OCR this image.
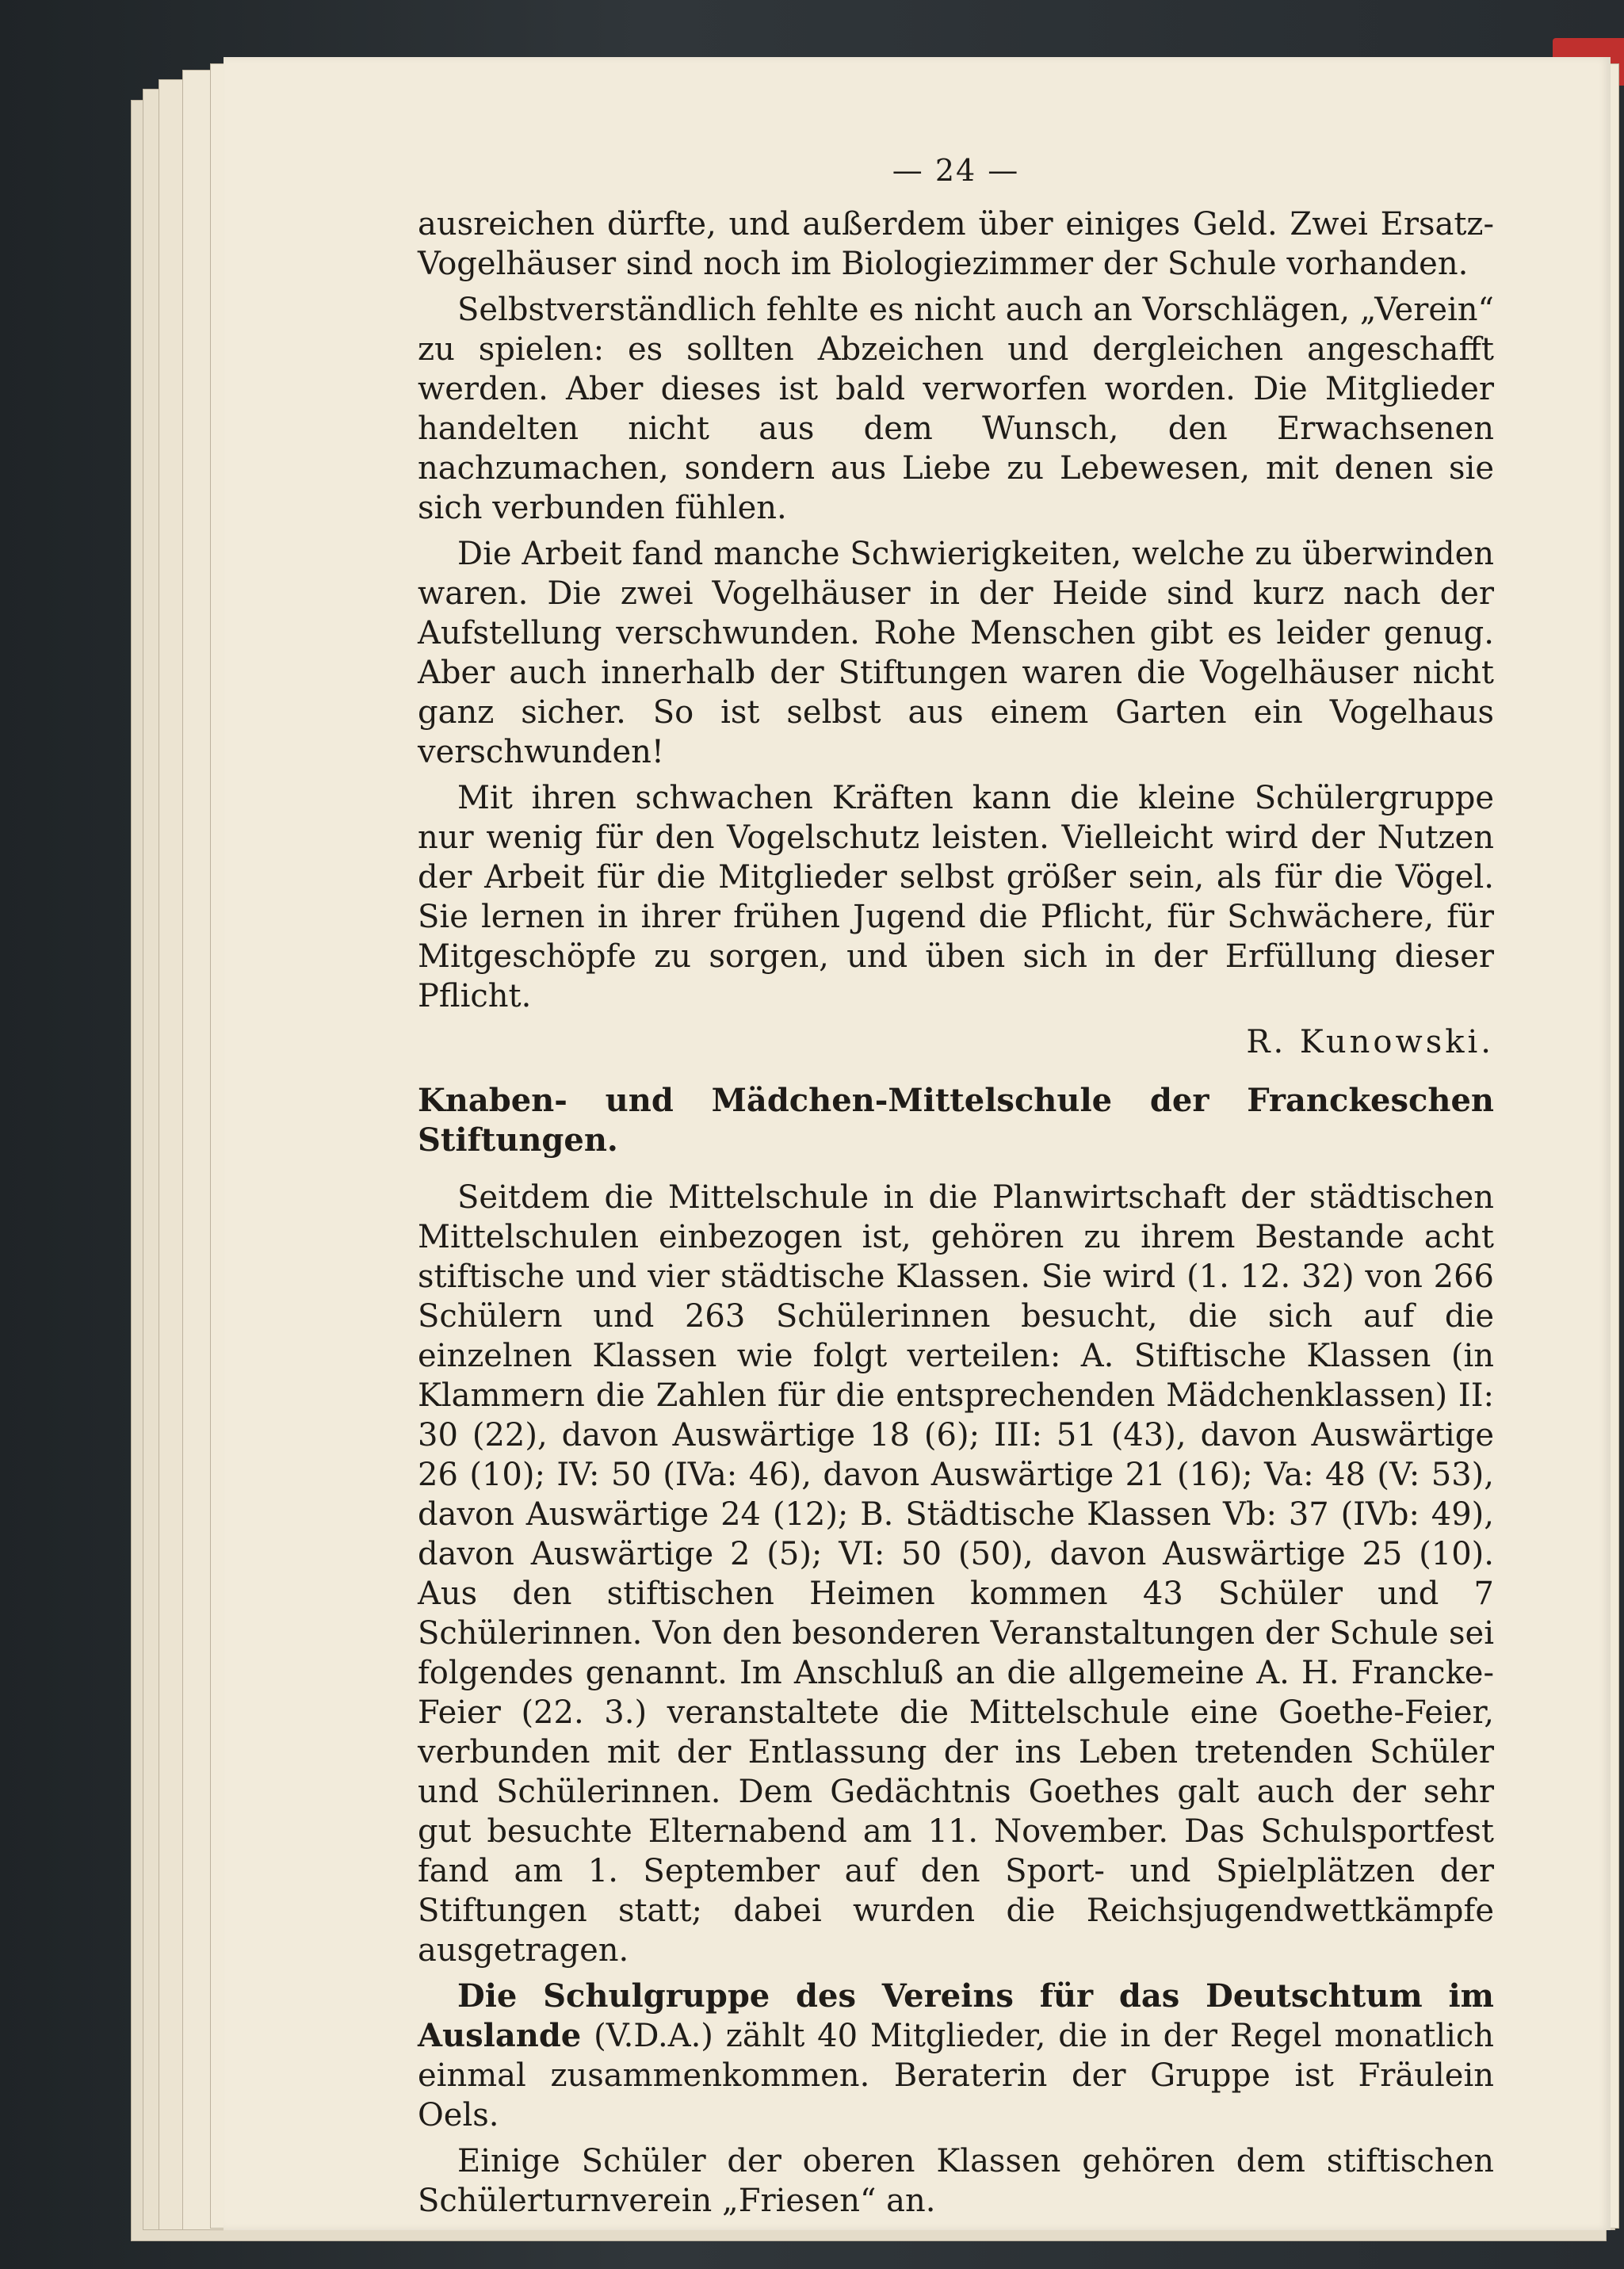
— 24 —

ausreichen dürfte, und außerdem über einiges Geld. Zwei Ersatz-Vogelhäuser sind noch im Biologiezimmer der Schule vorhanden.

Selbstverständlich fehlte es nicht auch an Vorschlägen, „Verein“ zu spielen: es sollten Abzeichen und dergleichen angeschafft werden. Aber dieses ist bald verworfen worden. Die Mitglieder handelten nicht aus dem Wunsch, den Erwachsenen nachzumachen, sondern aus Liebe zu Lebewesen, mit denen sie sich verbunden fühlen.

Die Arbeit fand manche Schwierigkeiten, welche zu überwinden waren. Die zwei Vogelhäuser in der Heide sind kurz nach der Aufstellung verschwunden. Rohe Menschen gibt es leider genug. Aber auch innerhalb der Stiftungen waren die Vogelhäuser nicht ganz sicher. So ist selbst aus einem Garten ein Vogelhaus verschwunden!

Mit ihren schwachen Kräften kann die kleine Schülergruppe nur wenig für den Vogelschutz leisten. Vielleicht wird der Nutzen der Arbeit für die Mitglieder selbst größer sein, als für die Vögel. Sie lernen in ihrer frühen Jugend die Pflicht, für Schwächere, für Mitgeschöpfe zu sorgen, und üben sich in der Erfüllung dieser Pflicht.

R. Kunowski.
Knaben- und Mädchen-Mittelschule der Franckeschen Stiftungen.

Seitdem die Mittelschule in die Planwirtschaft der städtischen Mittelschulen einbezogen ist, gehören zu ihrem Bestande acht stiftische und vier städtische Klassen. Sie wird (1. 12. 32) von 266 Schülern und 263 Schülerinnen besucht, die sich auf die einzelnen Klassen wie folgt verteilen: A. Stiftische Klassen (in Klammern die Zahlen für die entsprechenden Mädchenklassen) II: 30 (22), davon Auswärtige 18 (6); III: 51 (43), davon Auswärtige 26 (10); IV: 50 (IVa: 46), davon Auswärtige 21 (16); Va: 48 (V: 53), davon Auswärtige 24 (12); B. Städtische Klassen Vb: 37 (IVb: 49), davon Auswärtige 2 (5); VI: 50 (50), davon Auswärtige 25 (10). Aus den stiftischen Heimen kommen 43 Schüler und 7 Schülerinnen. Von den besonderen Veranstaltungen der Schule sei folgendes genannt. Im Anschluß an die allgemeine A. H. Francke-Feier (22. 3.) veranstaltete die Mittelschule eine Goethe-Feier, verbunden mit der Entlassung der ins Leben tretenden Schüler und Schülerinnen. Dem Gedächtnis Goethes galt auch der sehr gut besuchte Elternabend am 11. November. Das Schulsportfest fand am 1. September auf den Sport- und Spielplätzen der Stiftungen statt; dabei wurden die Reichsjugendwettkämpfe ausgetragen.

Die Schulgruppe des Vereins für das Deutschtum im Auslande (V.D.A.) zählt 40 Mitglieder, die in der Regel monatlich einmal zusammenkommen. Beraterin der Gruppe ist Fräulein Oels.

Einige Schüler der oberen Klassen gehören dem stiftischen Schülerturnverein „Friesen“ an.
